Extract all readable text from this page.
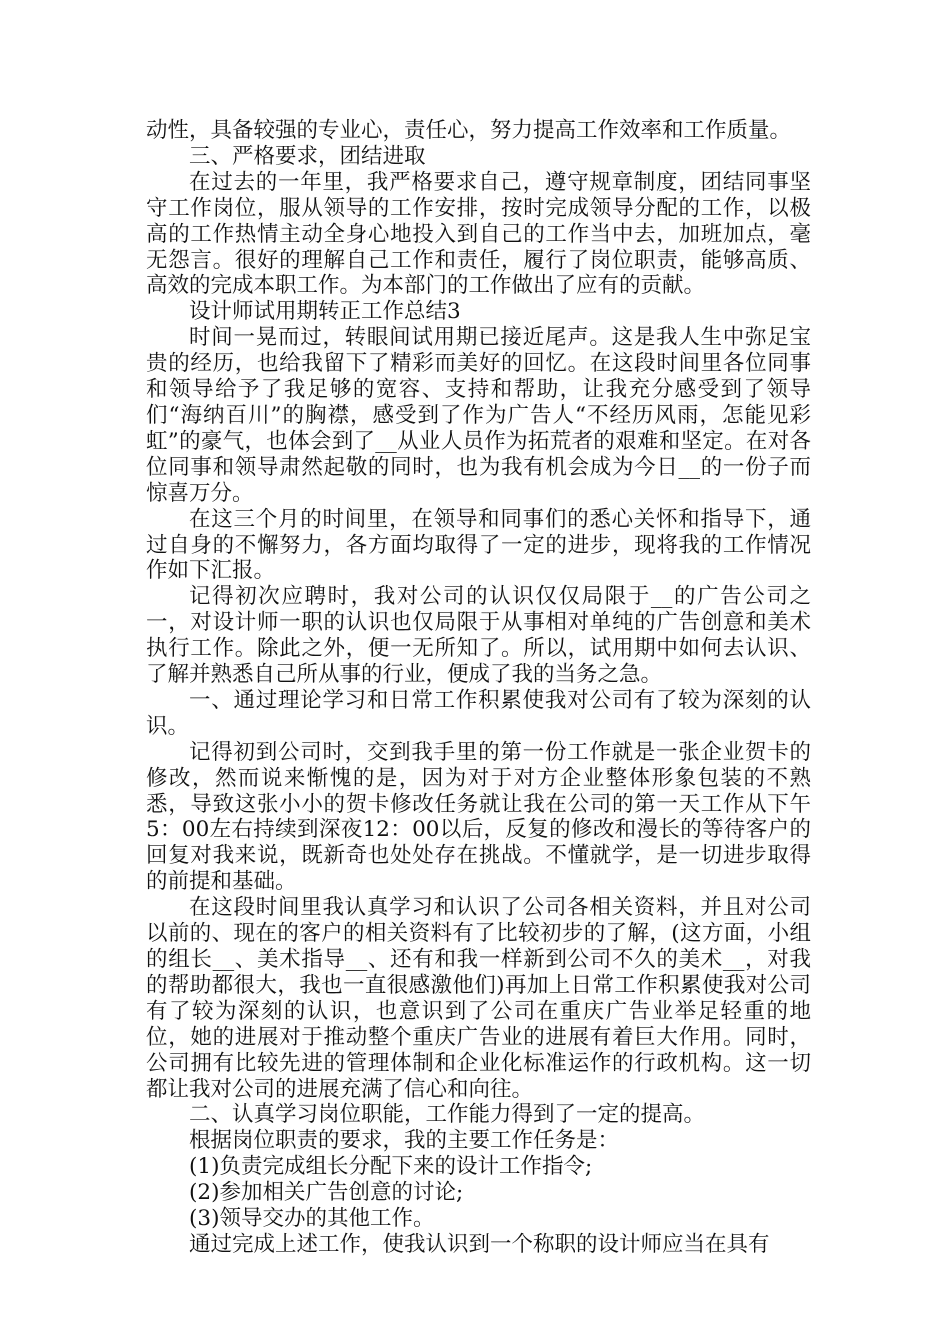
动性，具备较强的专业心，责任心，努力提高工作效率和工作质量。

三、严格要求，团结进取

在过去的一年里，我严格要求自己，遵守规章制度，团结同事坚守工作岗位，服从领导的工作安排，按时完成领导分配的工作，以极高的工作热情主动全身心地投入到自己的工作当中去，加班加点，毫无怨言。很好的理解自己工作和责任，履行了岗位职责，能够高质、高效的完成本职工作。为本部门的工作做出了应有的贡献。

设计师试用期转正工作总结3

时间一晃而过，转眼间试用期已接近尾声。这是我人生中弥足宝贵的经历，也给我留下了精彩而美好的回忆。在这段时间里各位同事和领导给予了我足够的宽容、支持和帮助，让我充分感受到了领导们“海纳百川”的胸襟，感受到了作为广告人“不经历风雨，怎能见彩虹”的豪气，也体会到了__从业人员作为拓荒者的艰难和坚定。在对各位同事和领导肃然起敬的同时，也为我有机会成为今日__的一份子而惊喜万分。

在这三个月的时间里，在领导和同事们的悉心关怀和指导下，通过自身的不懈努力，各方面均取得了一定的进步，现将我的工作情况作如下汇报。

记得初次应聘时，我对公司的认识仅仅局限于__的广告公司之一，对设计师一职的认识也仅局限于从事相对单纯的广告创意和美术执行工作。除此之外，便一无所知了。所以，试用期中如何去认识、了解并熟悉自己所从事的行业，便成了我的当务之急。

一、通过理论学习和日常工作积累使我对公司有了较为深刻的认识。

记得初到公司时，交到我手里的第一份工作就是一张企业贺卡的修改，然而说来惭愧的是，因为对于对方企业整体形象包装的不熟悉，导致这张小小的贺卡修改任务就让我在公司的第一天工作从下午5：00左右持续到深夜12：00以后，反复的修改和漫长的等待客户的回复对我来说，既新奇也处处存在挑战。不懂就学，是一切进步取得的前提和基础。

在这段时间里我认真学习和认识了公司各相关资料，并且对公司以前的、现在的客户的相关资料有了比较初步的了解，(这方面，小组的组长__、美术指导__、还有和我一样新到公司不久的美术__，对我的帮助都很大，我也一直很感激他们)再加上日常工作积累使我对公司有了较为深刻的认识，也意识到了公司在重庆广告业举足轻重的地位，她的进展对于推动整个重庆广告业的进展有着巨大作用。同时，公司拥有比较先进的管理体制和企业化标准运作的行政机构。这一切都让我对公司的进展充满了信心和向往。

二、认真学习岗位职能，工作能力得到了一定的提高。

根据岗位职责的要求，我的主要工作任务是：

(1)负责完成组长分配下来的设计工作指令;

(2)参加相关广告创意的讨论;

(3)领导交办的其他工作。

通过完成上述工作，使我认识到一个称职的设计师应当在具有
